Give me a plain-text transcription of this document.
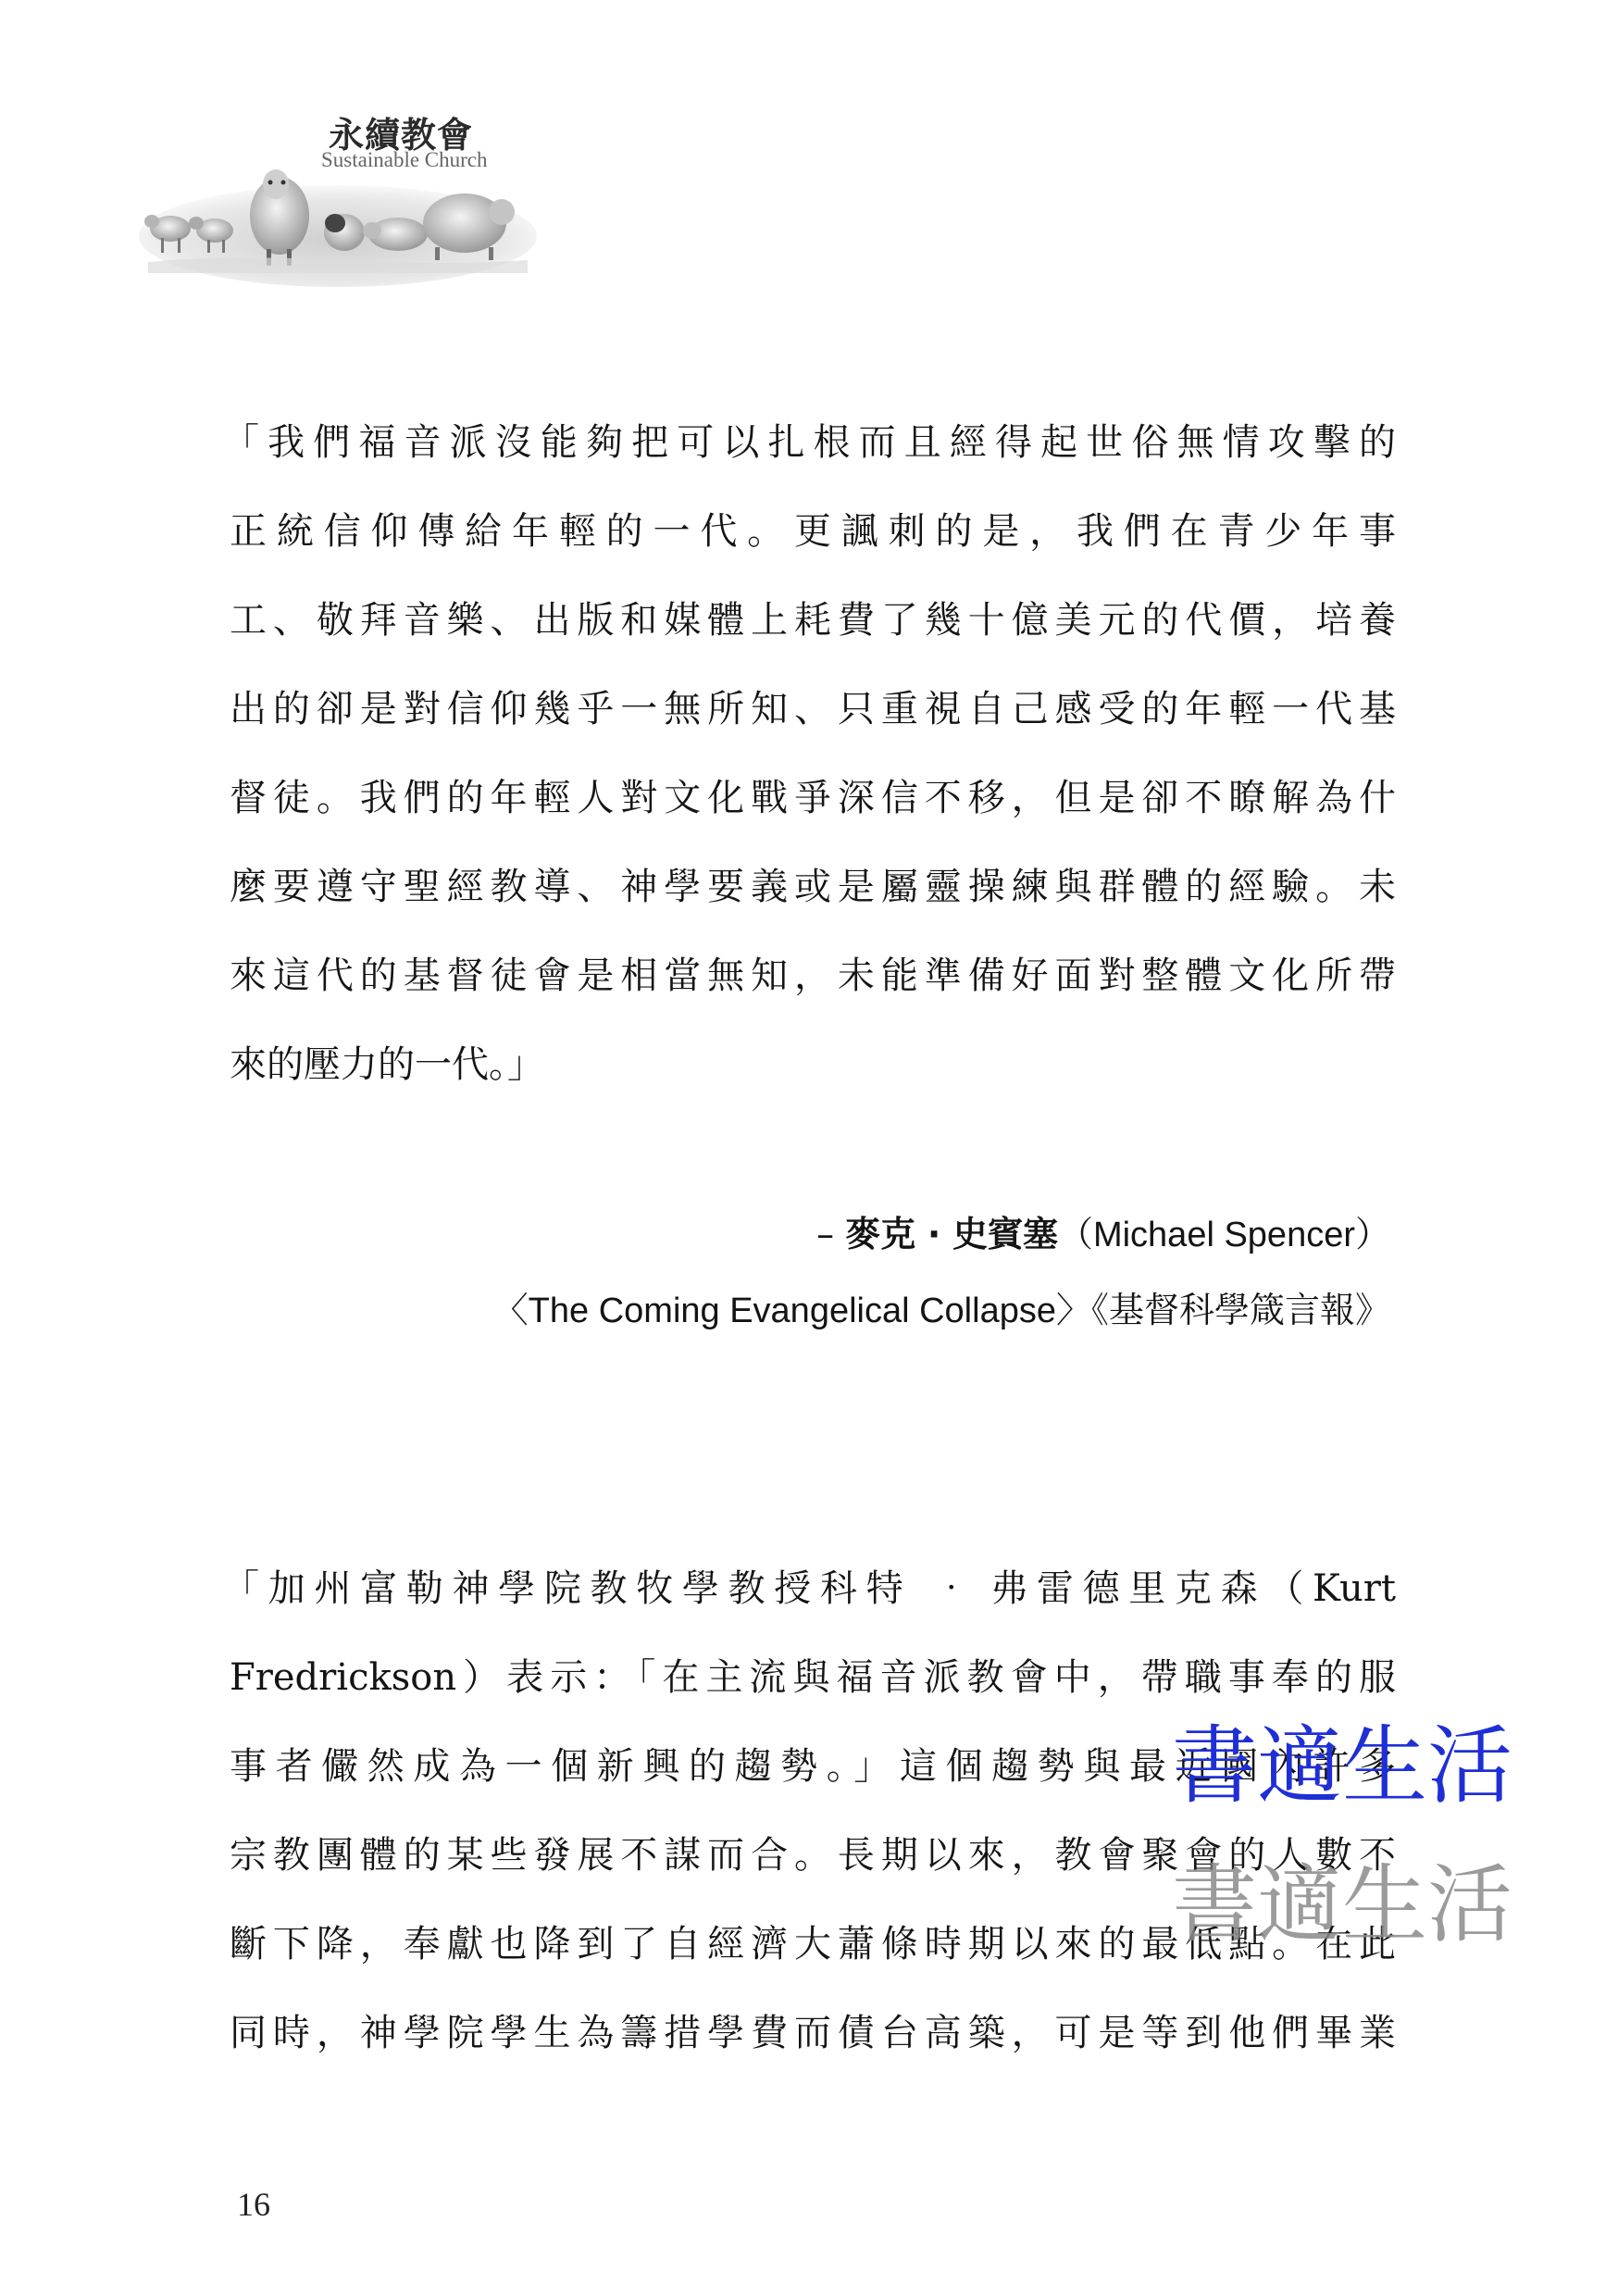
永續教會
Sustainable Church
「我們福音派沒能夠把可以扎根而且經得起世俗無情攻擊的
正統信仰傳給年輕的一代。更諷刺的是，我們在青少年事
工、敬拜音樂、出版和媒體上耗費了幾十億美元的代價，培養
出的卻是對信仰幾乎一無所知、只重視自己感受的年輕一代基
督徒。我們的年輕人對文化戰爭深信不移，但是卻不瞭解為什
麼要遵守聖經教導、神學要義或是屬靈操練與群體的經驗。未
來這代的基督徒會是相當無知，未能準備好面對整體文化所帶
來的壓力的一代。」
– 麥克 ‧ 史賓塞（Michael Spencer）
〈The Coming Evangelical Collapse〉《基督科學箴言報》
「加州富勒神學院教牧學教授科特 ‧ 弗雷德里克森（Kurt
Fredrickson）表示：「在主流與福音派教會中，帶職事奉的服
事者儼然成為一個新興的趨勢。」這個趨勢與最近國內許多
宗教團體的某些發展不謀而合。長期以來，教會聚會的人數不
斷下降，奉獻也降到了自經濟大蕭條時期以來的最低點。在此
同時，神學院學生為籌措學費而債台高築，可是等到他們畢業
書適生活
書適生活
16
